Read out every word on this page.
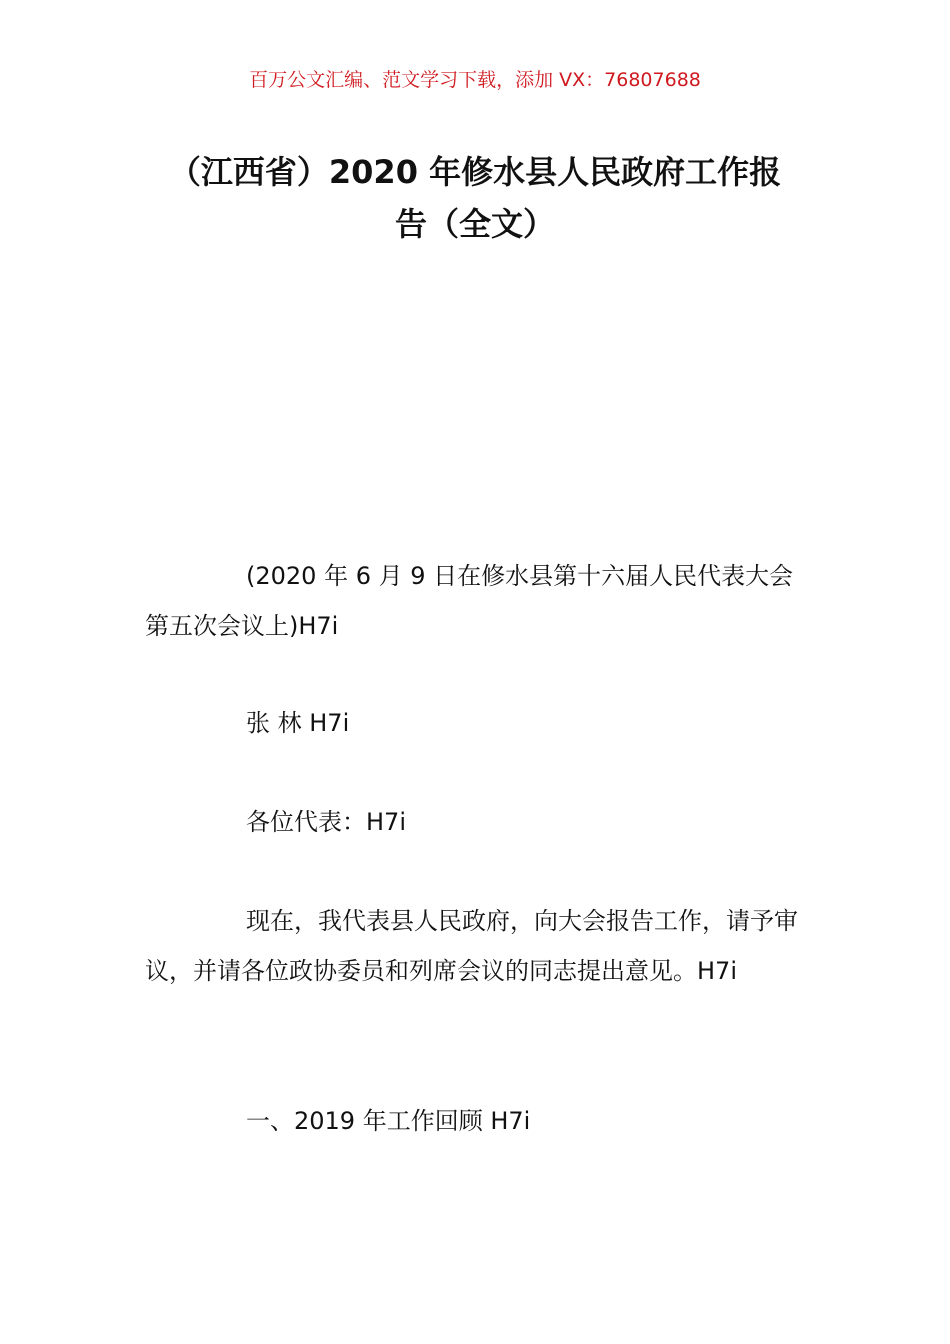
百万公文汇编、范文学习下载，添加 VX：76807688
（江西省）2020 年修水县人民政府工作报
告（全文）
(2020 年 6 月 9 日在修水县第十六届人民代表大会第五次会议上)H7i
张 林 H7i
各位代表：H7i
现在，我代表县人民政府，向大会报告工作，请予审议，并请各位政协委员和列席会议的同志提出意见。H7i
一、2019 年工作回顾 H7i
